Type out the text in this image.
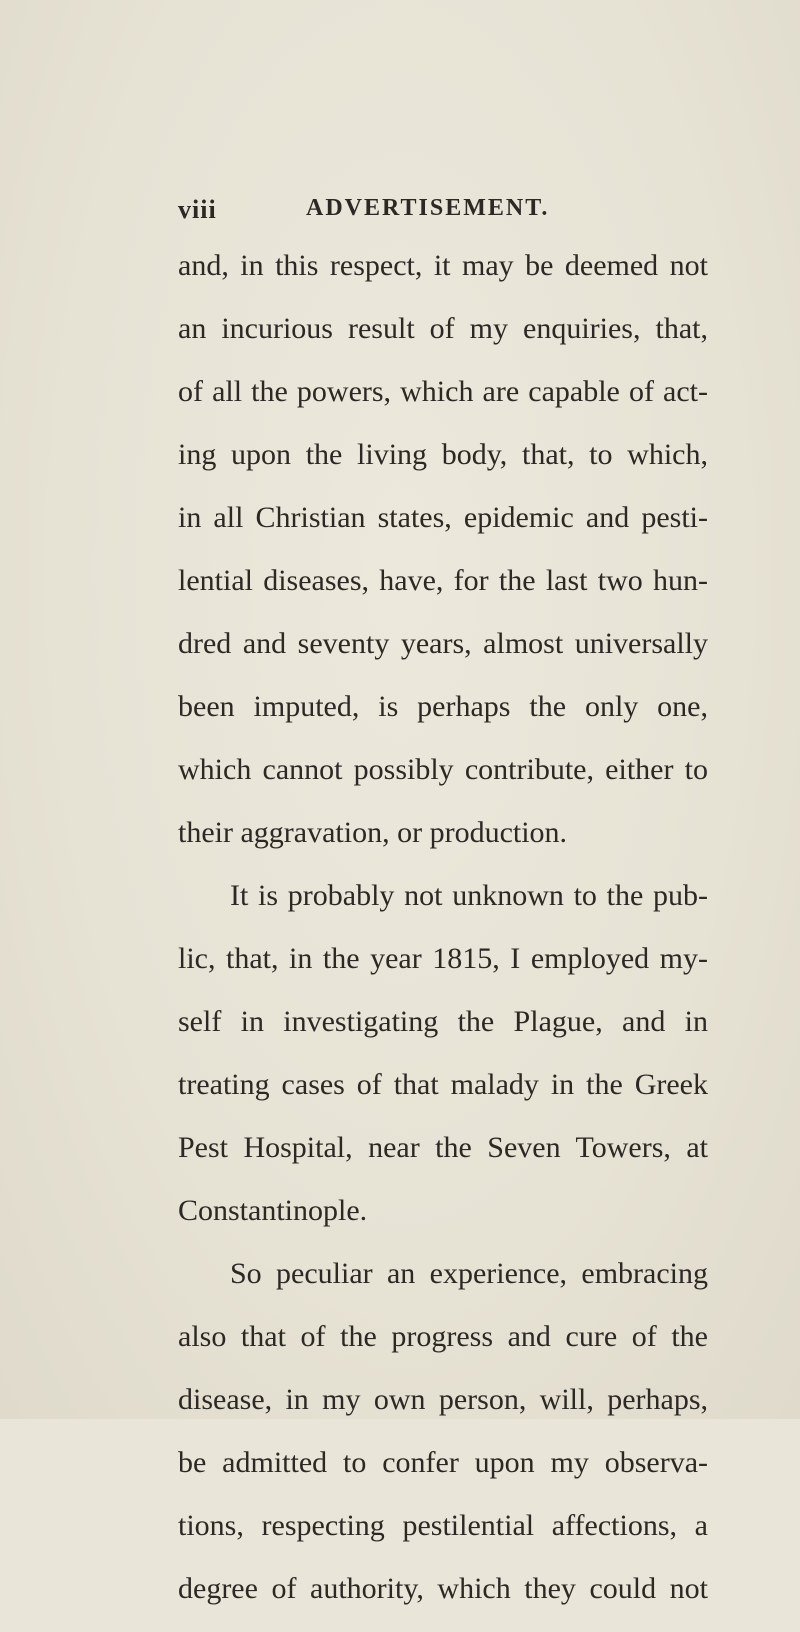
viii	ADVERTISEMENT.
and, in this respect, it may be deemed not
an incurious result of my enquiries, that,
of all the powers, which are capable of act-
ing upon the living body, that, to which,
in all Christian states, epidemic and pesti-
lential diseases, have, for the last two hun-
dred and seventy years, almost universally
been imputed, is perhaps the only one,
which cannot possibly contribute, either to
their aggravation, or production.
It is probably not unknown to the pub-
lic, that, in the year 1815, I employed my-
self in investigating the Plague, and in
treating cases of that malady in the Greek
Pest Hospital, near the Seven Towers, at
Constantinople.
So peculiar an experience, embracing
also that of the progress and cure of the
disease, in my own person, will, perhaps,
be admitted to confer upon my observa-
tions, respecting pestilential affections, a
degree of authority, which they could not
